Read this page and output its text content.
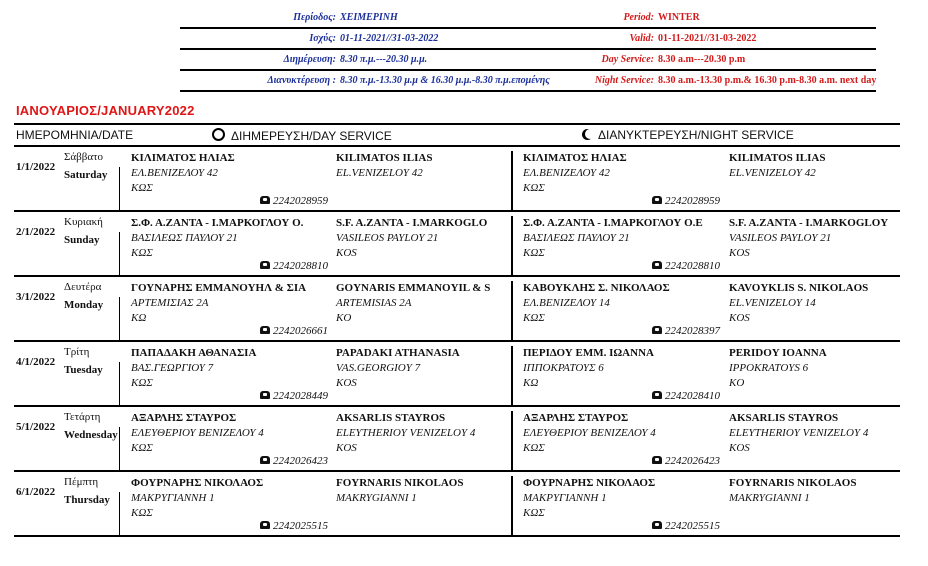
Περίοδος: ΧΕΙΜΕΡΙΝΗ
Ισχύς: 01-11-2021//31-03-2022
Διημέρευση: 8.30 π.μ.---20.30 μ.μ.
Διανυκτέρευση : 8.30 π.μ.-13.30 μ.μ & 16.30 μ.μ.-8.30 π.μ.επομένης
Period: WINTER
Valid: 01-11-2021//31-03-2022
Day Service: 8.30 a.m---20.30 p.m
Night Service: 8.30 a.m.-13.30 p.m.& 16.30 p.m-8.30 a.m. next day
ΙΑΝΟΥΑΡΙΟΣ/JANUARY2022
ΗΜΕΡΟΜΗΝΙΑ/DATE	ΔΙΗΜΕΡΕΥΣΗ/DAY SERVICE	ΔΙΑΝΥΚΤΕΡΕΥΣΗ/NIGHT SERVICE
1/1/2022
Σάββατο
Saturday
ΚΙΛΙΜΑΤΟΣ ΗΛΙΑΣ
ΕΛ.ΒΕΝΙΖΕΛΟΥ 42
ΚΩΣ
KILIMATOS ILIAS
EL.VENIZELOY 42
2242028959
ΚΙΛΙΜΑΤΟΣ ΗΛΙΑΣ
ΕΛ.ΒΕΝΙΖΕΛΟΥ 42
ΚΩΣ
KILIMATOS ILIAS
EL.VENIZELOY 42
2242028959
2/1/2022
Κυριακή
Sunday
Σ.Φ. Α.ΖΑΝΤΑ - Ι.ΜΑΡΚΟΓΛΟΥ Ο.
ΒΑΣΙΛΕΩΣ ΠΑΥΛΟΥ 21
ΚΩΣ
S.F. A.ZANTA - I.MARKOGLO
VASILEOS PAYLOY 21
KOS
2242028810
Σ.Φ. Α.ΖΑΝΤΑ - Ι.ΜΑΡΚΟΓΛΟΥ Ο.Ε
ΒΑΣΙΛΕΩΣ ΠΑΥΛΟΥ 21
ΚΩΣ
S.F. A.ZANTA - I.MARKOGLOY
VASILEOS PAYLOY 21
KOS
2242028810
3/1/2022
Δευτέρα
Monday
ΓΟΥΝΑΡΗΣ ΕΜΜΑΝΟΥΗΛ & ΣΙΑ
ΑΡΤΕΜΙΣΙΑΣ 2Α
ΚΩ
GOYNARIS EMMANOYIL & S
ARTEMISIAS 2A
KO
2242026661
ΚΑΒΟΥΚΛΗΣ Σ. ΝΙΚΟΛΑΟΣ
ΕΛ.ΒΕΝΙΖΕΛΟΥ 14
ΚΩΣ
KAVOYKLIS S. NIKOLAOS
EL.VENIZELOY 14
KOS
2242028397
4/1/2022
Τρίτη
Tuesday
ΠΑΠΑΔΑΚΗ ΑΘΑΝΑΣΙΑ
ΒΑΣ.ΓΕΩΡΓΙΟΥ 7
ΚΩΣ
PAPADAKI ATHANASIA
VAS.GEORGIOY 7
KOS
2242028449
ΠΕΡΙΔΟΥ ΕΜΜ. ΙΩΑΝΝΑ
ΙΠΠΟΚΡΑΤΟΥΣ 6
ΚΩ
PERIDOY IOANNA
IPPOKRATOYS 6
KO
2242028410
5/1/2022
Τετάρτη
Wednesday
ΑΞΑΡΛΗΣ ΣΤΑΥΡΟΣ
ΕΛΕΥΘΕΡΙΟΥ ΒΕΝΙΖΕΛΟΥ 4
ΚΩΣ
AKSARLIS STAYROS
ELEYTHERIOY VENIZELOY 4
KOS
2242026423
ΑΞΑΡΛΗΣ ΣΤΑΥΡΟΣ
ΕΛΕΥΘΕΡΙΟΥ ΒΕΝΙΖΕΛΟΥ 4
ΚΩΣ
AKSARLIS STAYROS
ELEYTHERIOY VENIZELOY 4
KOS
2242026423
6/1/2022
Πέμπτη
Thursday
ΦΟΥΡΝΑΡΗΣ ΝΙΚΟΛΑΟΣ
ΜΑΚΡΥΓΙΑΝΝΗ 1
ΚΩΣ
FOYRNARIS NIKOLAOS
MAKRYGIANNI 1
2242025515
ΦΟΥΡΝΑΡΗΣ ΝΙΚΟΛΑΟΣ
ΜΑΚΡΥΓΙΑΝΝΗ 1
ΚΩΣ
FOYRNARIS NIKOLAOS
MAKRYGIANNI 1
2242025515
